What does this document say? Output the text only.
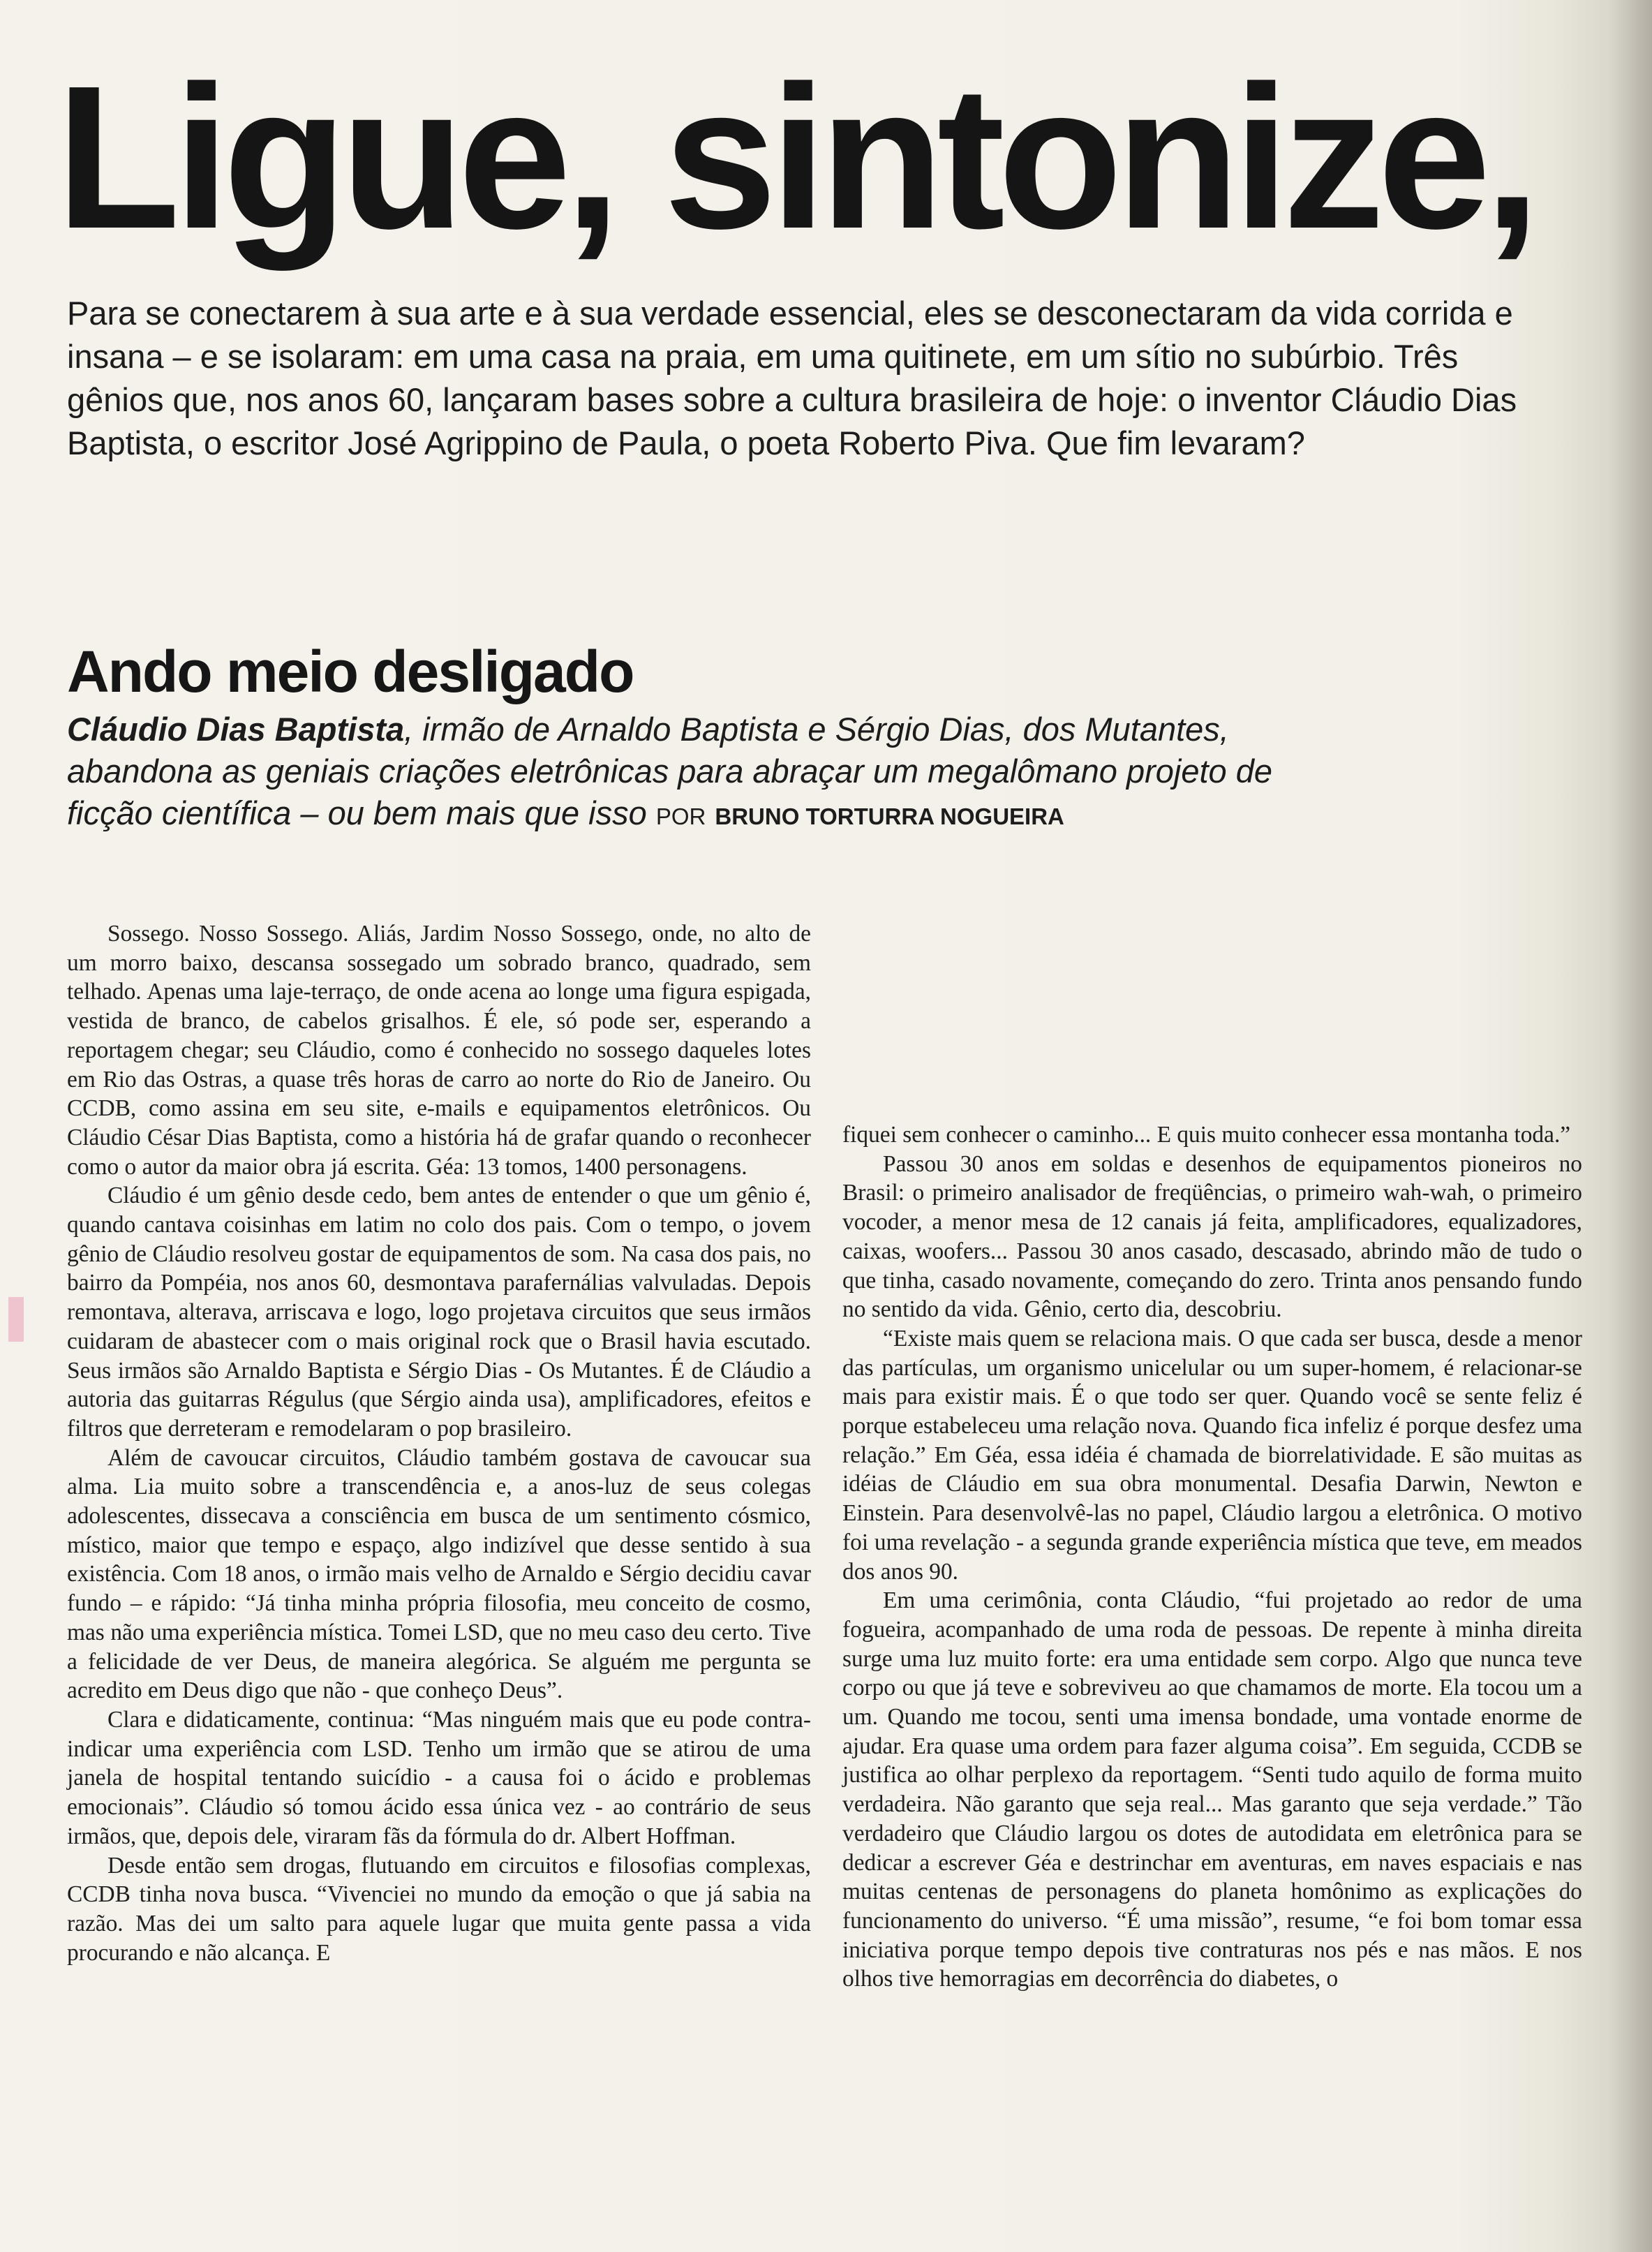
Ligue, sintonize,
Para se conectarem à sua arte e à sua verdade essencial, eles se desconectaram da vida corrida e insana – e se isolaram: em uma casa na praia, em uma quitinete, em um sítio no subúrbio. Três gênios que, nos anos 60, lançaram bases sobre a cultura brasileira de hoje: o inventor Cláudio Dias Baptista, o escritor José Agrippino de Paula, o poeta Roberto Piva. Que fim levaram?
Ando meio desligado
Cláudio Dias Baptista, irmão de Arnaldo Baptista e Sérgio Dias, dos Mutantes, abandona as geniais criações eletrônicas para abraçar um megalômano projeto de ficção científica – ou bem mais que isso POR BRUNO TORTURRA NOGUEIRA

Sossego. Nosso Sossego. Aliás, Jardim Nosso Sossego, onde, no alto de um morro baixo, descansa sossegado um sobrado branco, quadrado, sem telhado. Apenas uma laje-terraço, de onde acena ao longe uma figura espigada, vestida de branco, de cabelos grisalhos. É ele, só pode ser, esperando a reportagem chegar; seu Cláudio, como é conhecido no sossego daqueles lotes em Rio das Ostras, a quase três horas de carro ao norte do Rio de Janeiro. Ou CCDB, como assina em seu site, e-mails e equipamentos eletrônicos. Ou Cláudio César Dias Baptista, como a história há de grafar quando o reconhecer como o autor da maior obra já escrita. Géa: 13 tomos, 1400 personagens.

Cláudio é um gênio desde cedo, bem antes de entender o que um gênio é, quando cantava coisinhas em latim no colo dos pais. Com o tempo, o jovem gênio de Cláudio resolveu gostar de equipamentos de som. Na casa dos pais, no bairro da Pompéia, nos anos 60, desmontava parafernálias valvuladas. Depois remontava, alterava, arriscava e logo, logo projetava circuitos que seus irmãos cuidaram de abastecer com o mais original rock que o Brasil havia escutado. Seus irmãos são Arnaldo Baptista e Sérgio Dias - Os Mutantes. É de Cláudio a autoria das guitarras Régulus (que Sérgio ainda usa), amplificadores, efeitos e filtros que derreteram e remodelaram o pop brasileiro.

Além de cavoucar circuitos, Cláudio também gostava de cavoucar sua alma. Lia muito sobre a transcendência e, a anos-luz de seus colegas adolescentes, dissecava a consciência em busca de um sentimento cósmico, místico, maior que tempo e espaço, algo indizível que desse sentido à sua existência. Com 18 anos, o irmão mais velho de Arnaldo e Sérgio decidiu cavar fundo – e rápido: “Já tinha minha própria filosofia, meu conceito de cosmo, mas não uma experiência mística. Tomei LSD, que no meu caso deu certo. Tive a felicidade de ver Deus, de maneira alegórica. Se alguém me pergunta se acredito em Deus digo que não - que conheço Deus”.

Clara e didaticamente, continua: “Mas ninguém mais que eu pode contra-indicar uma experiência com LSD. Tenho um irmão que se atirou de uma janela de hospital tentando suicídio - a causa foi o ácido e problemas emocionais”. Cláudio só tomou ácido essa única vez - ao contrário de seus irmãos, que, depois dele, viraram fãs da fórmula do dr. Albert Hoffman.

Desde então sem drogas, flutuando em circuitos e filosofias complexas, CCDB tinha nova busca. “Vivenciei no mundo da emoção o que já sabia na razão. Mas dei um salto para aquele lugar que muita gente passa a vida procurando e não alcança. E

fiquei sem conhecer o caminho... E quis muito conhecer essa montanha toda.”

Passou 30 anos em soldas e desenhos de equipamentos pioneiros no Brasil: o primeiro analisador de freqüências, o primeiro wah-wah, o primeiro vocoder, a menor mesa de 12 canais já feita, amplificadores, equalizadores, caixas, woofers... Passou 30 anos casado, descasado, abrindo mão de tudo o que tinha, casado novamente, começando do zero. Trinta anos pensando fundo no sentido da vida. Gênio, certo dia, descobriu.

“Existe mais quem se relaciona mais. O que cada ser busca, desde a menor das partículas, um organismo unicelular ou um super-homem, é relacionar-se mais para existir mais. É o que todo ser quer. Quando você se sente feliz é porque estabeleceu uma relação nova. Quando fica infeliz é porque desfez uma relação.” Em Géa, essa idéia é chamada de biorrelatividade. E são muitas as idéias de Cláudio em sua obra monumental. Desafia Darwin, Newton e Einstein. Para desenvolvê-las no papel, Cláudio largou a eletrônica. O motivo foi uma revelação - a segunda grande experiência mística que teve, em meados dos anos 90.

Em uma cerimônia, conta Cláudio, “fui projetado ao redor de uma fogueira, acompanhado de uma roda de pessoas. De repente à minha direita surge uma luz muito forte: era uma entidade sem corpo. Algo que nunca teve corpo ou que já teve e sobreviveu ao que chamamos de morte. Ela tocou um a um. Quando me tocou, senti uma imensa bondade, uma vontade enorme de ajudar. Era quase uma ordem para fazer alguma coisa”. Em seguida, CCDB se justifica ao olhar perplexo da reportagem. “Senti tudo aquilo de forma muito verdadeira. Não garanto que seja real... Mas garanto que seja verdade.” Tão verdadeiro que Cláudio largou os dotes de autodidata em eletrônica para se dedicar a escrever Géa e destrinchar em aventuras, em naves espaciais e nas muitas centenas de personagens do planeta homônimo as explicações do funcionamento do universo. “É uma missão”, resume, “e foi bom tomar essa iniciativa porque tempo depois tive contraturas nos pés e nas mãos. E nos olhos tive hemorragias em decorrência do diabetes, o
